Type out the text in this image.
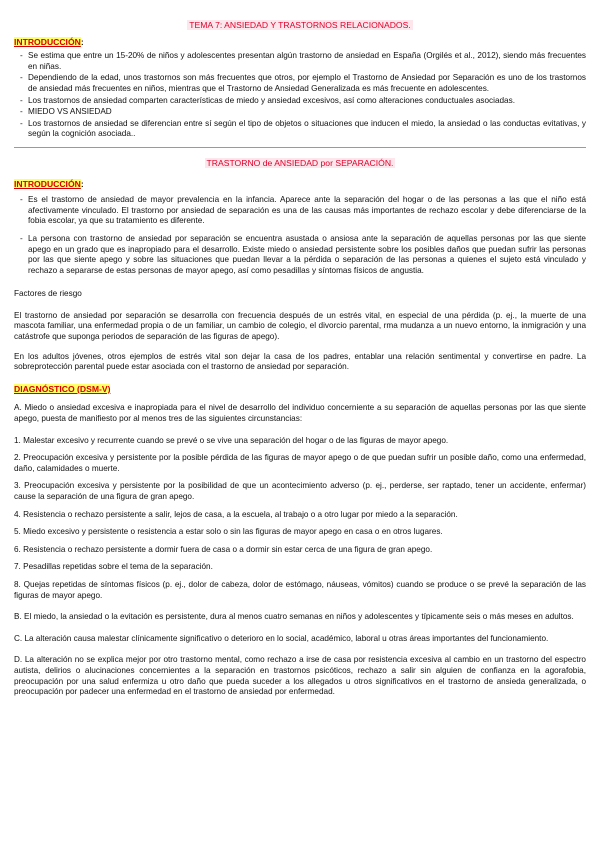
TEMA 7: ANSIEDAD Y TRASTORNOS RELACIONADOS.
INTRODUCCIÓN:
- Se estima que entre un 15-20% de niños y adolescentes presentan algún trastorno de ansiedad en España (Orgilés et al., 2012), siendo más frecuentes en niñas.
- Dependiendo de la edad, unos trastornos son más frecuentes que otros, por ejemplo el Trastorno de Ansiedad por Separación es uno de los trastornos de ansiedad más frecuentes en niños, mientras que el Trastorno de Ansiedad Generalizada es más frecuente en adolescentes.
- Los trastornos de ansiedad comparten características de miedo y ansiedad excesivos, así como alteraciones conductuales asociadas.
- MIEDO VS ANSIEDAD
- Los trastornos de ansiedad se diferencian entre sí según el tipo de objetos o situaciones que inducen el miedo, la ansiedad o las conductas evitativas, y según la cognición asociada..
TRASTORNO de ANSIEDAD por SEPARACIÓN.
INTRODUCCIÓN:
- Es el trastorno de ansiedad de mayor prevalencia en la infancia. Aparece ante la separación del hogar o de las personas a las que el niño está afectivamente vinculado. El trastorno por ansiedad de separación es una de las causas más importantes de rechazo escolar y debe diferenciarse de la fobia escolar, ya que su tratamiento es diferente.
- La persona con trastorno de ansiedad por separación se encuentra asustada o ansiosa ante la separación de aquellas personas por las que siente apego en un grado que es inapropiado para el desarrollo. Existe miedo o ansiedad persistente sobre los posibles daños que puedan sufrir las personas por las que siente apego y sobre las situaciones que puedan llevar a la pérdida o separación de las personas a quienes el sujeto está vinculado y rechazo a separarse de estas personas de mayor apego, así como pesadillas y síntomas físicos de angustia.

Factores de riesgo

El trastorno de ansiedad por separación se desarrolla con frecuencia después de un estrés vital, en especial de una pérdida (p. ej., la muerte de una mascota familiar, una enfermedad propia o de un familiar, un cambio de colegio, el divorcio parental, rma mudanza a un nuevo entorno, la inmigración y una catástrofe que suponga periodos de separación de las figuras de apego).

En los adultos jóvenes, otros ejemplos de estrés vital son dejar la casa de los padres, entablar una relación sentimental y convertirse en padre. La sobreprotección parental puede estar asociada con el trastorno de ansiedad por separación.

DIAGNÓSTICO (DSM-V)

A. Miedo o ansiedad excesiva e inapropiada para el nivel de desarrollo del individuo concerniente a su separación de aquellas personas por las que siente apego, puesta de manifiesto por al menos tres de las siguientes circunstancias:

1. Malestar excesivo y recurrente cuando se prevé o se vive una separación del hogar o de las figuras de mayor apego.

2. Preocupación excesiva y persistente por la posible pérdida de las figuras de mayor apego o de que puedan sufrir un posible daño, como una enfermedad, daño, calamidades o muerte.

3. Preocupación excesiva y persistente por la posibilidad de que un acontecimiento adverso (p. ej., perderse, ser raptado, tener un accidente, enfermar) cause la separación de una figura de gran apego.

4. Resistencia o rechazo persistente a salir, lejos de casa, a la escuela, al trabajo o a otro lugar por miedo a la separación.

5. Miedo excesivo y persistente o resistencia a estar solo o sin las figuras de mayor apego en casa o en otros lugares.

6. Resistencia o rechazo persistente a dormir fuera de casa o a dormir sin estar cerca de una figura de gran apego.

7. Pesadillas repetidas sobre el tema de la separación.

8. Quejas repetidas de síntomas físicos (p. ej., dolor de cabeza, dolor de estómago, náuseas, vómitos) cuando se produce o se prevé la separación de las figuras de mayor apego.

B. El miedo, la ansiedad o la evitación es persistente, dura al menos cuatro semanas en niños y adolescentes y típicamente seis o más meses en adultos.

C. La alteración causa malestar clínicamente significativo o deterioro en lo social, académico, laboral u otras áreas importantes del funcionamiento.

D. La alteración no se explica mejor por otro trastorno mental, como rechazo a irse de casa por resistencia excesiva al cambio en un trastorno del espectro autista, delirios o alucinaciones concernientes a la separación en trastornos psicóticos, rechazo a salir sin alguien de confianza en la agorafobia, preocupación por una salud enfermiza u otro daño que pueda suceder a los allegados u otros significativos en el trastorno de ansieda generalizada, o preocupación por padecer una enfermedad en el trastorno de ansiedad por enfermedad.
